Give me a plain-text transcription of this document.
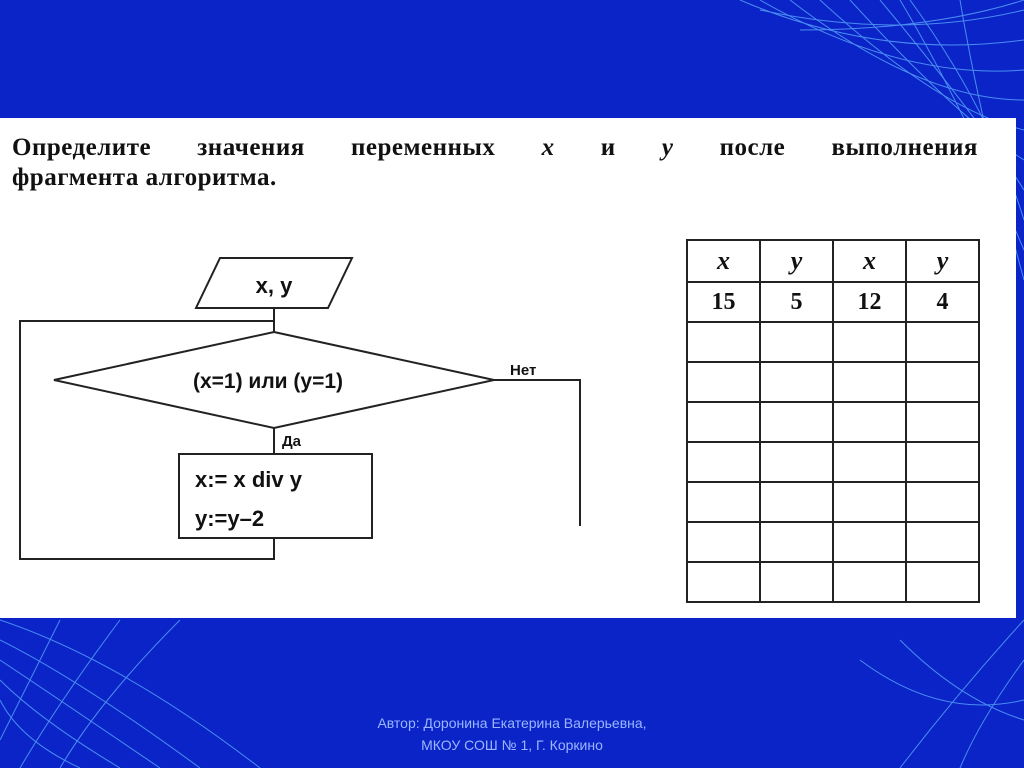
Определите значения переменных x и y после выполнения
фрагмента алгоритма.
x, y
(x=1) или (y=1)	Нет
Да
x:= x div y
y:=y–2
x	y	x	y
15	5	12	4

Автор: Доронина Екатерина Валерьевна,
МКОУ СОШ № 1, Г. Коркино
